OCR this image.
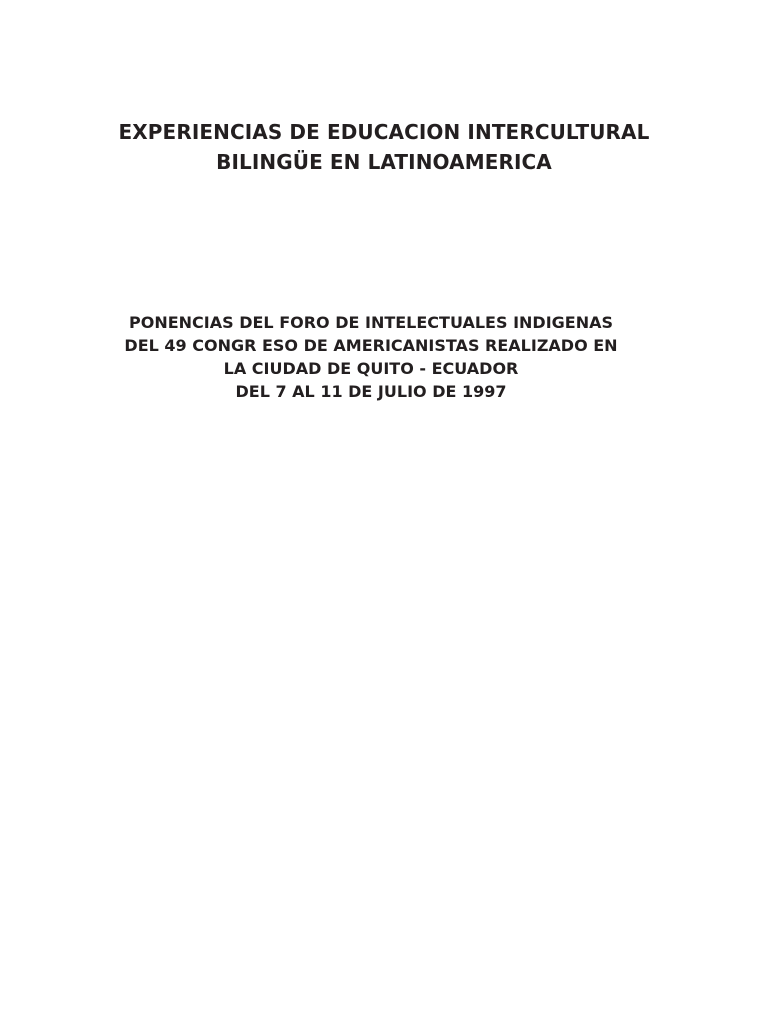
EXPERIENCIAS DE EDUCACION INTERCULTURAL
BILINGÜE EN LATINOAMERICA
PONENCIAS DEL FORO DE INTELECTUALES INDIGENAS
DEL 49 CONGR ESO DE AMERICANISTAS REALIZADO EN
LA CIUDAD DE QUITO - ECUADOR
DEL 7 AL 11 DE JULIO DE 1997
